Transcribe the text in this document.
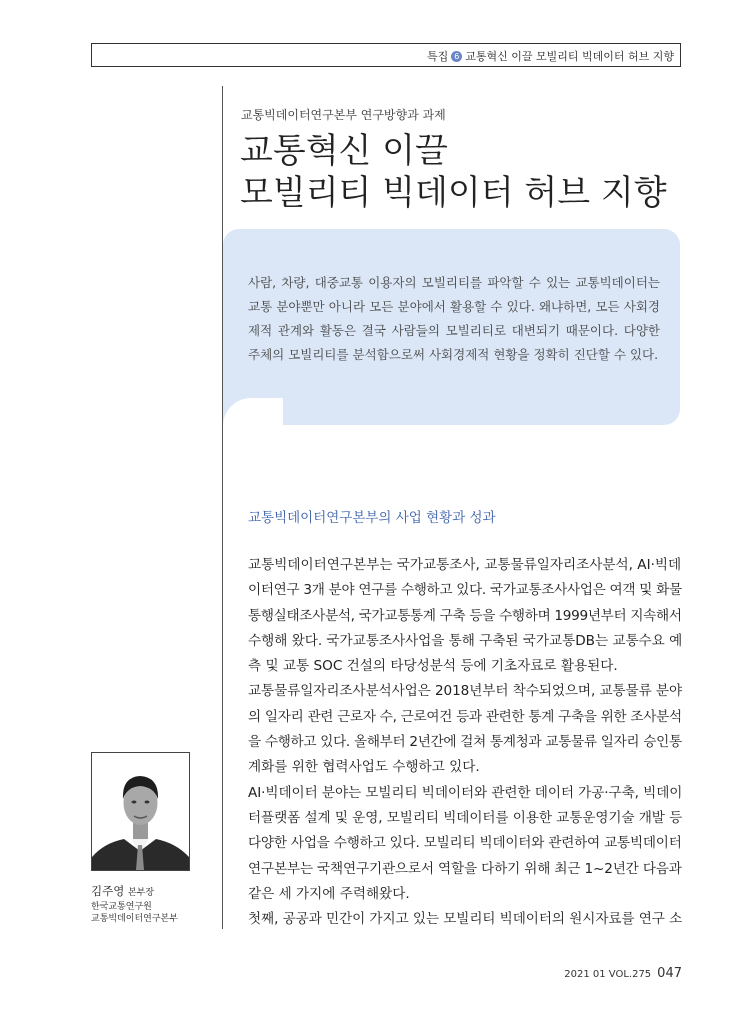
특집 6 교통혁신 이끌 모빌리티 빅데이터 허브 지향
교통빅데이터연구본부 연구방향과 과제
교통혁신 이끌
모빌리티 빅데이터 허브 지향

사람, 차량, 대중교통 이용자의 모빌리티를 파악할 수 있는 교통빅데이터는 교통 분야뿐만 아니라 모든 분야에서 활용할 수 있다. 왜냐하면, 모든 사회경제적 관계와 활동은 결국 사람들의 모빌리티로 대변되기 때문이다. 다양한 주체의 모빌리티를 분석함으로써 사회경제적 현황을 정확히 진단할 수 있다.

교통빅데이터연구본부의 사업 현황과 성과
교통빅데이터연구본부는 국가교통조사, 교통물류일자리조사분석, AI·빅데
이터연구 3개 분야 연구를 수행하고 있다. 국가교통조사사업은 여객 및 화물
통행실태조사분석, 국가교통통계 구축 등을 수행하며 1999년부터 지속해서
수행해 왔다. 국가교통조사사업을 통해 구축된 국가교통DB는 교통수요 예
측 및 교통 SOC 건설의 타당성분석 등에 기초자료로 활용된다.
교통물류일자리조사분석사업은 2018년부터 착수되었으며, 교통물류 분야
의 일자리 관련 근로자 수, 근로여건 등과 관련한 통계 구축을 위한 조사분석
을 수행하고 있다. 올해부터 2년간에 걸쳐 통계청과 교통물류 일자리 승인통
계화를 위한 협력사업도 수행하고 있다.
AI·빅데이터 분야는 모빌리티 빅데이터와 관련한 데이터 가공·구축, 빅데이
터플랫폼 설계 및 운영, 모빌리티 빅데이터를 이용한 교통운영기술 개발 등
다양한 사업을 수행하고 있다. 모빌리티 빅데이터와 관련하여 교통빅데이터
연구본부는 국책연구기관으로서 역할을 다하기 위해 최근 1~2년간 다음과
같은 세 가지에 주력해왔다.
첫째, 공공과 민간이 가지고 있는 모빌리티 빅데이터의 원시자료를 연구 소
김주영 본부장
한국교통연구원
교통빅데이터연구본부
2021 01 VOL.275 047
